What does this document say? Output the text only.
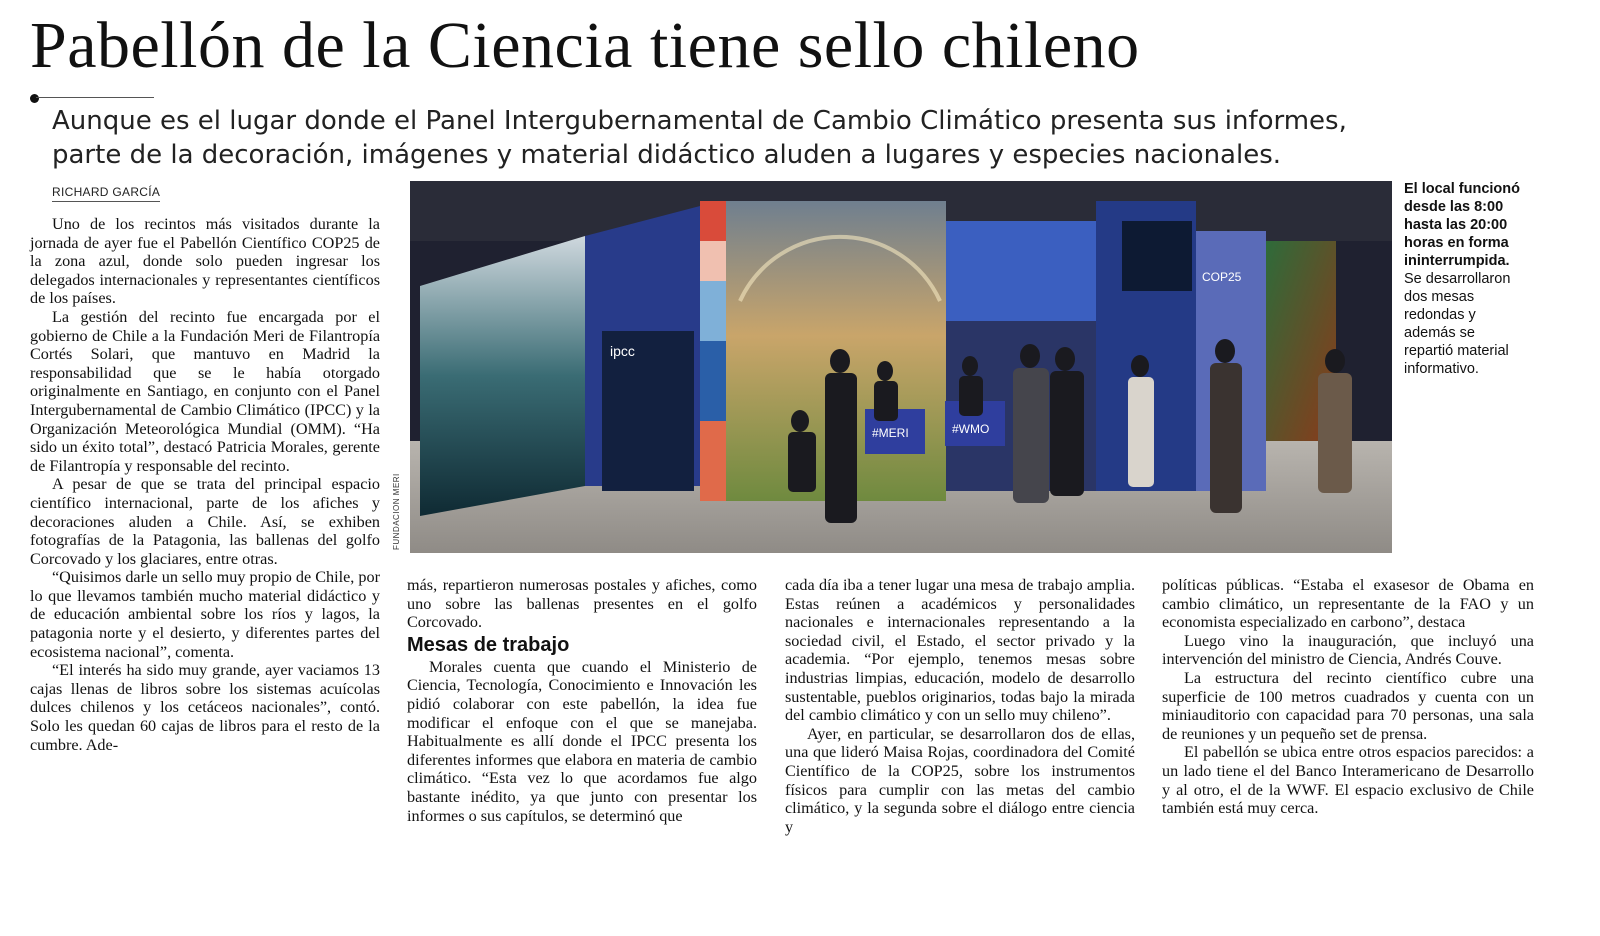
Pabellón de la Ciencia tiene sello chileno
Aunque es el lugar donde el Panel Intergubernamental de Cambio Climático presenta sus informes,
parte de la decoración, imágenes y material didáctico aluden a lugares y especies nacionales.
RICHARD GARCÍA

Uno de los recintos más visitados durante la jornada de ayer fue el Pabellón Científico COP25 de la zona azul, donde solo pueden ingresar los delegados internacionales y representantes científicos de los países.

La gestión del recinto fue encargada por el gobierno de Chile a la Fundación Meri de Filantropía Cortés Solari, que mantuvo en Madrid la responsabilidad que se le había otorgado originalmente en Santiago, en conjunto con el Panel Intergubernamental de Cambio Climático (IPCC) y la Organización Meteorológica Mundial (OMM). “Ha sido un éxito total”, destacó Patricia Morales, gerente de Filantropía y responsable del recinto.

A pesar de que se trata del principal espacio científico internacional, parte de los afiches y decoraciones aluden a Chile. Así, se exhiben fotografías de la Patagonia, las ballenas del golfo Corcovado y los glaciares, entre otras.

“Quisimos darle un sello muy propio de Chile, por lo que llevamos también mucho material didáctico y de educación ambiental sobre los ríos y lagos, la patagonia norte y el desierto, y diferentes partes del ecosistema nacional”, comenta.

“El interés ha sido muy grande, ayer vaciamos 13 cajas llenas de libros sobre los sistemas acuícolas dulces chilenos y los cetáceos nacionales”, contó. Solo les quedan 60 cajas de libros para el resto de la cumbre. Ade-

ipcc
COP25
#MERI	#WMO
FUNDACION MERI
El local funcionó desde las 8:00 hasta las 20:00 horas en forma ininterrumpida. Se desarrollaron dos mesas redondas y además se repartió material informativo.

más, repartieron numerosas postales y afiches, como uno sobre las ballenas presentes en el golfo Corcovado.

Mesas de trabajo

Morales cuenta que cuando el Ministerio de Ciencia, Tecnología, Conocimiento e Innovación les pidió colaborar con este pabellón, la idea fue modificar el enfoque con el que se manejaba. Habitualmente es allí donde el IPCC presenta los diferentes informes que elabora en materia de cambio climático. “Esta vez lo que acordamos fue algo bastante inédito, ya que junto con presentar los informes o sus capítulos, se determinó que

cada día iba a tener lugar una mesa de trabajo amplia. Estas reúnen a académicos y personalidades nacionales e internacionales representando a la sociedad civil, el Estado, el sector privado y la academia. “Por ejemplo, tenemos mesas sobre industrias limpias, educación, modelo de desarrollo sustentable, pueblos originarios, todas bajo la mirada del cambio climático y con un sello muy chileno”.

Ayer, en particular, se desarrollaron dos de ellas, una que lideró Maisa Rojas, coordinadora del Comité Científico de la COP25, sobre los instrumentos físicos para cumplir con las metas del cambio climático, y la segunda sobre el diálogo entre ciencia y

políticas públicas. “Estaba el exasesor de Obama en cambio climático, un representante de la FAO y un economista especializado en carbono”, destaca

Luego vino la inauguración, que incluyó una intervención del ministro de Ciencia, Andrés Couve.

La estructura del recinto científico cubre una superficie de 100 metros cuadrados y cuenta con un miniauditorio con capacidad para 70 personas, una sala de reuniones y un pequeño set de prensa.

El pabellón se ubica entre otros espacios parecidos: a un lado tiene el del Banco Interamericano de Desarrollo y al otro, el de la WWF. El espacio exclusivo de Chile también está muy cerca.
